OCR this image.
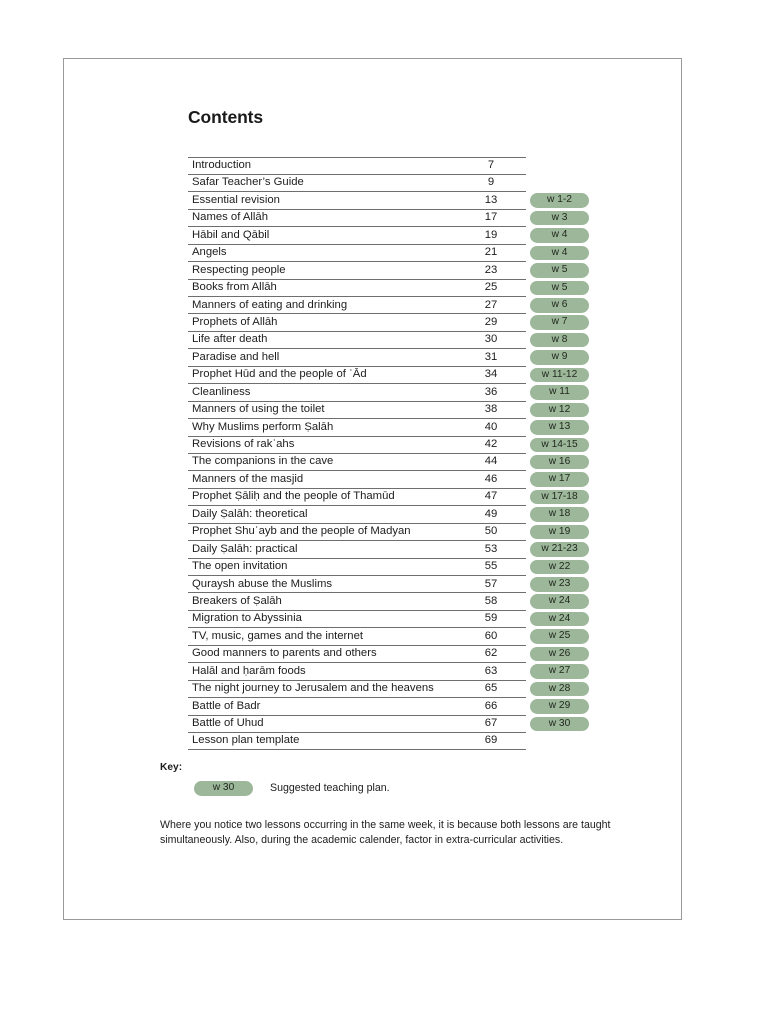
Contents
Introduction	7
Safar Teacher’s Guide	9
Essential revision	13	w 1-2
Names of Allāh	17	w 3
Hābil and Qābil	19	w 4
Angels	21	w 4
Respecting people	23	w 5
Books from Allāh	25	w 5
Manners of eating and drinking	27	w 6
Prophets of Allāh	29	w 7
Life after death	30	w 8
Paradise and hell	31	w 9
Prophet Hūd and the people of ʿĀd	34	w 11-12
Cleanliness	36	w 11
Manners of using the toilet	38	w 12
Why Muslims perform Ṣalāh	40	w 13
Revisions of rakʿahs	42	w 14-15
The companions in the cave	44	w 16
Manners of the masjid	46	w 17
Prophet Ṣāliḥ and the people of Thamūd	47	w 17-18
Daily Ṣalāh: theoretical	49	w 18
Prophet Shuʿayb and the people of Madyan	50	w 19
Daily Ṣalāh: practical	53	w 21-23
The open invitation	55	w 22
Quraysh abuse the Muslims	57	w 23
Breakers of Ṣalāh	58	w 24
Migration to Abyssinia	59	w 24
TV, music, games and the internet	60	w 25
Good manners to parents and others	62	w 26
Halāl and ḥarām foods	63	w 27
The night journey to Jerusalem and the heavens	65	w 28
Battle of Badr	66	w 29
Battle of Uhud	67	w 30
Lesson plan template	69
Key:
w 30	Suggested teaching plan.
Where you notice two lessons occurring in the same week, it is because both lessons are taught simultaneously. Also, during the academic calender, factor in extra-curricular activities.
